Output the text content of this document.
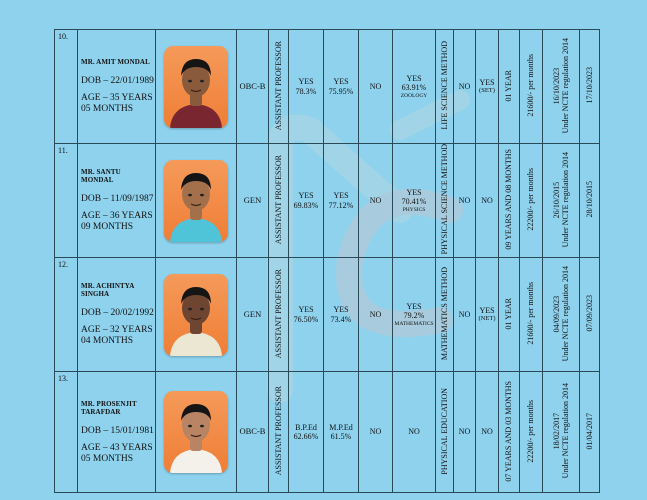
10.	MR. AMIT MONDAL

DOB – 22/01/1989
AGE – 35 YEARS
05 MONTHS		OBC-B	ASSISTANT PROFESSOR	YES
78.3%	YES
75.95%	NO	YES
63.91%
ZOOLOGY	LIFE SCIENCE METHOD	NO	YES

(SET)	01 YEAR	21600/- per months	16/10/2023
Under NCTE regulation 2014	17/10/2023
11.	MR. SANTU
MONDAL
DOB – 11/09/1987
AGE – 36 YEARS
09 MONTHS		GEN	ASSISTANT PROFESSOR	YES
69.83%	YES
77.12%	NO	YES
70.41%
PHYSICS	PHYSICAL SCIENCE METHOD	NO	NO	09 YEARS AND 08 MONTHS	22200/- per months	26/10/2015
Under NCTE regulation 2014	28/10/2015
12.	MR. ACHINTYA
SINGHA
DOB – 20/02/1992
AGE – 32 YEARS
04 MONTHS		GEN	ASSISTANT PROFESSOR	YES
76.50%	YES
73.4%	NO	YES
79.2%
MATHEMATICS	MATHEMATICS METHOD	NO	YES

(NET)	01 YEAR	21600/- per months	04/09/2023
Under NCTE regulation 2014	07/09/2023
13.	MR. PROSENJIT
TARAFDAR
DOB – 15/01/1981
AGE – 43 YEARS
05 MONTHS		OBC-B	ASSISTANT PROFESSOR	B.P.Ed
62.66%	M.P.Ed
61.5%	NO	NO	PHYSICAL EDUCATION	NO	NO	07 YEARS AND 03 MONTHS	22200/- per months	18/02/2017
Under NCTE regulation 2014	01/04/2017
